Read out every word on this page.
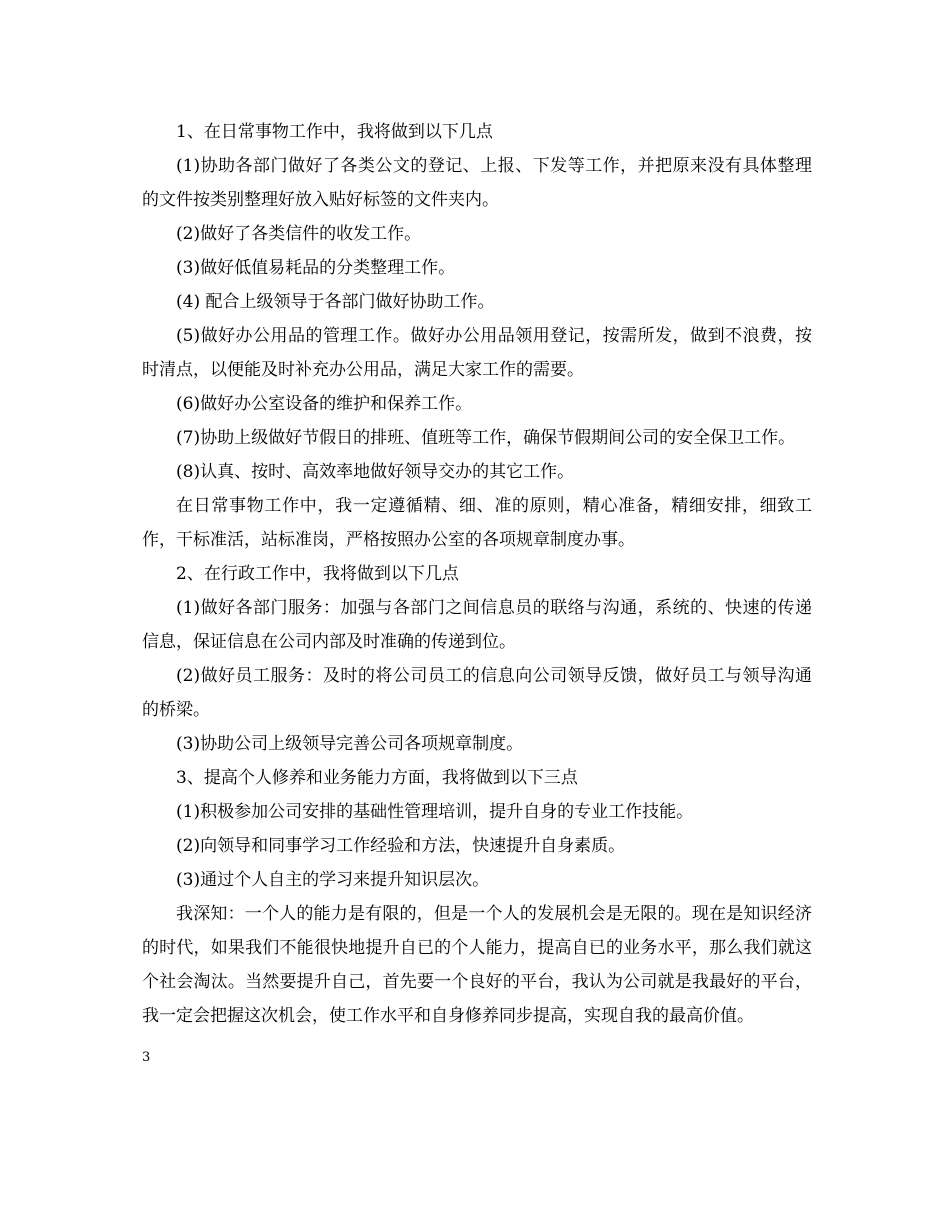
1、在日常事物工作中，我将做到以下几点

(1)协助各部门做好了各类公文的登记、上报、下发等工作，并把原来没有具体整理的文件按类别整理好放入贴好标签的文件夹内。

(2)做好了各类信件的收发工作。

(3)做好低值易耗品的分类整理工作。

(4) 配合上级领导于各部门做好协助工作。

(5)做好办公用品的管理工作。做好办公用品领用登记，按需所发，做到不浪费，按时清点，以便能及时补充办公用品，满足大家工作的需要。

(6)做好办公室设备的维护和保养工作。

(7)协助上级做好节假日的排班、值班等工作，确保节假期间公司的安全保卫工作。

(8)认真、按时、高效率地做好领导交办的其它工作。

在日常事物工作中，我一定遵循精、细、准的原则，精心准备，精细安排，细致工作，干标准活，站标准岗，严格按照办公室的各项规章制度办事。

2、在行政工作中，我将做到以下几点

(1)做好各部门服务：加强与各部门之间信息员的联络与沟通，系统的、快速的传递信息，保证信息在公司内部及时准确的传递到位。

(2)做好员工服务：及时的将公司员工的信息向公司领导反馈，做好员工与领导沟通的桥梁。

(3)协助公司上级领导完善公司各项规章制度。

3、提高个人修养和业务能力方面，我将做到以下三点

(1)积极参加公司安排的基础性管理培训，提升自身的专业工作技能。

(2)向领导和同事学习工作经验和方法，快速提升自身素质。

(3)通过个人自主的学习来提升知识层次。

我深知：一个人的能力是有限的，但是一个人的发展机会是无限的。现在是知识经济的时代，如果我们不能很快地提升自已的个人能力，提高自已的业务水平，那么我们就这个社会淘汰。当然要提升自己，首先要一个良好的平台，我认为公司就是我最好的平台，我一定会把握这次机会，使工作水平和自身修养同步提高，实现自我的最高价值。

3
